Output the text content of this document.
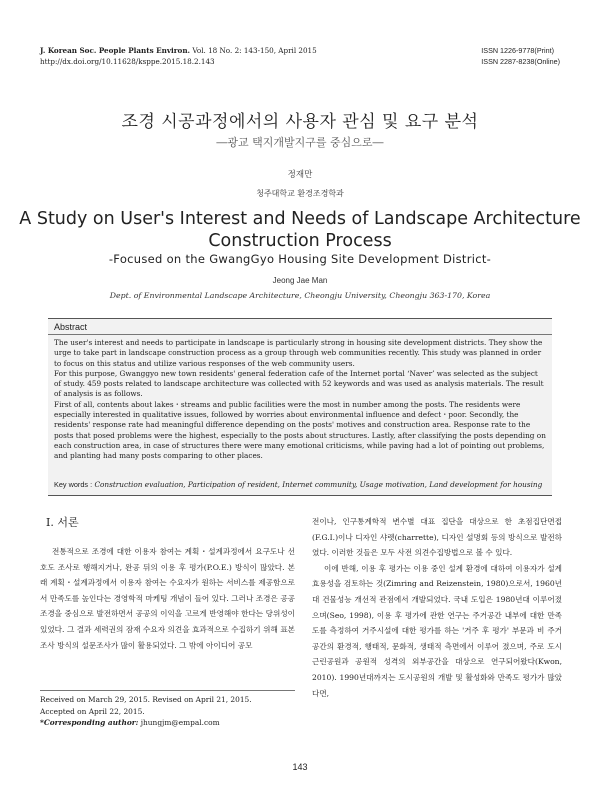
J. Korean Soc. People Plants Environ. Vol. 18 No. 2: 143-150, April 2015
http://dx.doi.org/10.11628/ksppe.2015.18.2.143
ISSN 1226-9778(Print)
ISSN 2287-8238(Online)
조경 시공과정에서의 사용자 관심 및 요구 분석
―광교 택지개발지구를 중심으로―
정재만
청주대학교 환경조경학과
A Study on User's Interest and Needs of Landscape Architecture
Construction Process
-Focused on the GwangGyo Housing Site Development District-
Jeong Jae Man
Dept. of Environmental Landscape Architecture, Cheongju University, Cheongju 363-170, Korea
Abstract

The user's interest and needs to participate in landscape is particularly strong in housing site development districts. They show the urge to take part in landscape construction process as a group through web communities recently. This study was planned in order to focus on this status and utilize various responses of the web community users.

For this purpose, Gwanggyo new town residents' general federation cafe of the Internet portal ‘Naver’ was selected as the subject of study. 459 posts related to landscape architecture was collected with 52 keywords and was used as analysis materials. The result of analysis is as follows.

First of all, contents about lakes・streams and public facilities were the most in number among the posts. The residents were especially interested in qualitative issues, followed by worries about environmental influence and defect・poor. Secondly, the residents' response rate had meaningful difference depending on the posts' motives and construction area. Response rate to the posts that posed problems were the highest, especially to the posts about structures. Lastly, after classifying the posts depending on each construction area, in case of structures there were many emotional criticisms, while paving had a lot of pointing out problems, and planting had many posts comparing to other places.

Key words : Construction evaluation, Participation of resident, Internet community, Usage motivation, Land development for housing
Ⅰ. 서론

전통적으로 조경에 대한 이용자 참여는 계획・설계과정에서 요구도나 선호도 조사로 행해지거나, 완공 뒤의 이용 후 평가(P.O.E.) 방식이 많았다. 본래 계획・설계과정에서 이용자 참여는 수요자가 원하는 서비스를 제공함으로서 만족도를 높인다는 경영학적 마케팅 개념이 들어 있다. 그러나 조경은 공공조경을 중심으로 발전하면서 공공의 이익을 고르게 반영해야 한다는 당위성이 있었다. 그 결과 세력권의 잠재 수요자 의견을 효과적으로 수집하기 위해 표본조사 방식의 설문조사가 많이 활용되었다. 그 밖에 아이디어 공모

전이나, 인구통계학적 변수별 대표 집단을 대상으로 한 초점집단면접(F.G.I.)이나 디자인 샤렛(charrette), 디자인 설명회 등의 방식으로 발전하였다. 이러한 것들은 모두 사전 의견수집방법으로 볼 수 있다.

이에 반해, 이용 후 평가는 이용 중인 설계 환경에 대하여 이용자가 설계 효용성을 검토하는 것(Zimring and Reizenstein, 1980)으로서, 1960년대 건물성능 개선적 관점에서 개발되었다. 국내 도입은 1980년대 이루어졌으며(Seo, 1998), 이용 후 평가에 관한 연구는 주거공간 내부에 대한 만족도를 측정하여 거주시설에 대한 평가를 하는 '거주 후 평가' 부문과 비 주거공간의 환경적, 행태적, 문화적, 생태적 측면에서 이루어 졌으며, 주로 도시 근린공원과 공원적 성격의 외부공간을 대상으로 연구되어왔다(Kwon, 2010). 1990년대까지는 도시공원의 개발 및 활성화와 만족도 평가가 많았다면,

Received on March 29, 2015. Revised on April 21, 2015.
Accepted on April 22, 2015.
*Corresponding author: jhungjm@empal.com
143
